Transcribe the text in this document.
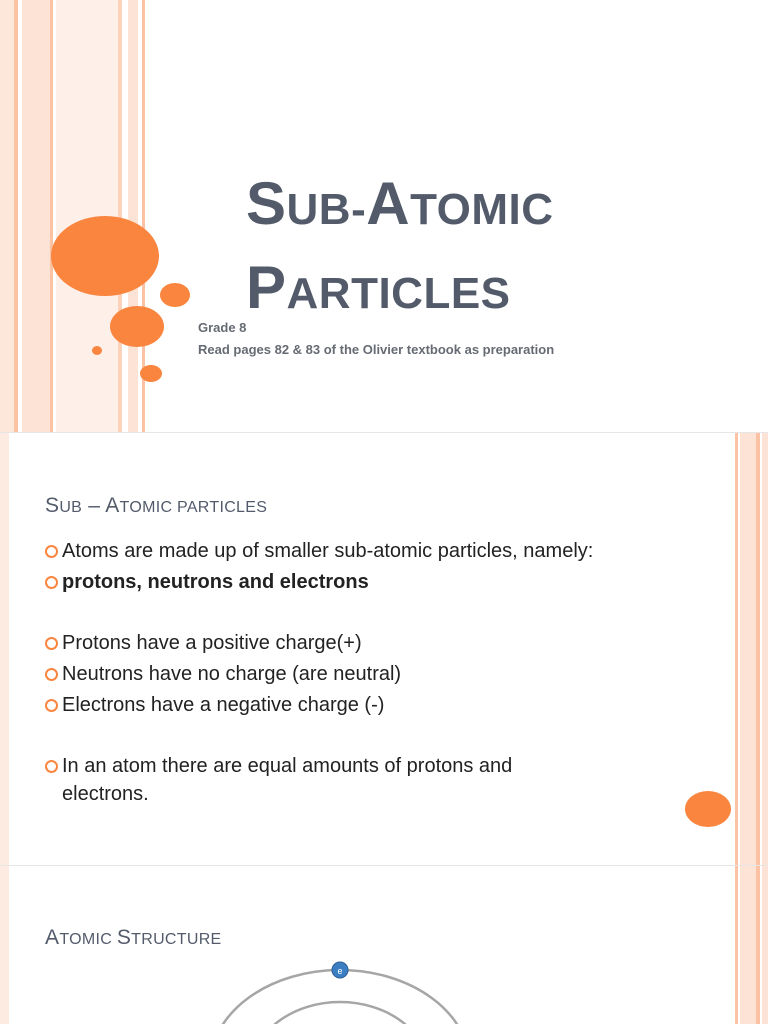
SUB-ATOMIC
PARTICLES
Grade 8
Read pages 82 & 83 of the Olivier textbook as preparation
SUB – ATOMIC PARTICLES
Atoms are made up of smaller sub-atomic particles, namely:
protons, neutrons and electrons
Protons have a positive charge(+)
Neutrons have no charge (are neutral)
Electrons have a negative charge (-)
In an atom there are equal amounts of protons and electrons.
ATOMIC STRUCTURE
e
